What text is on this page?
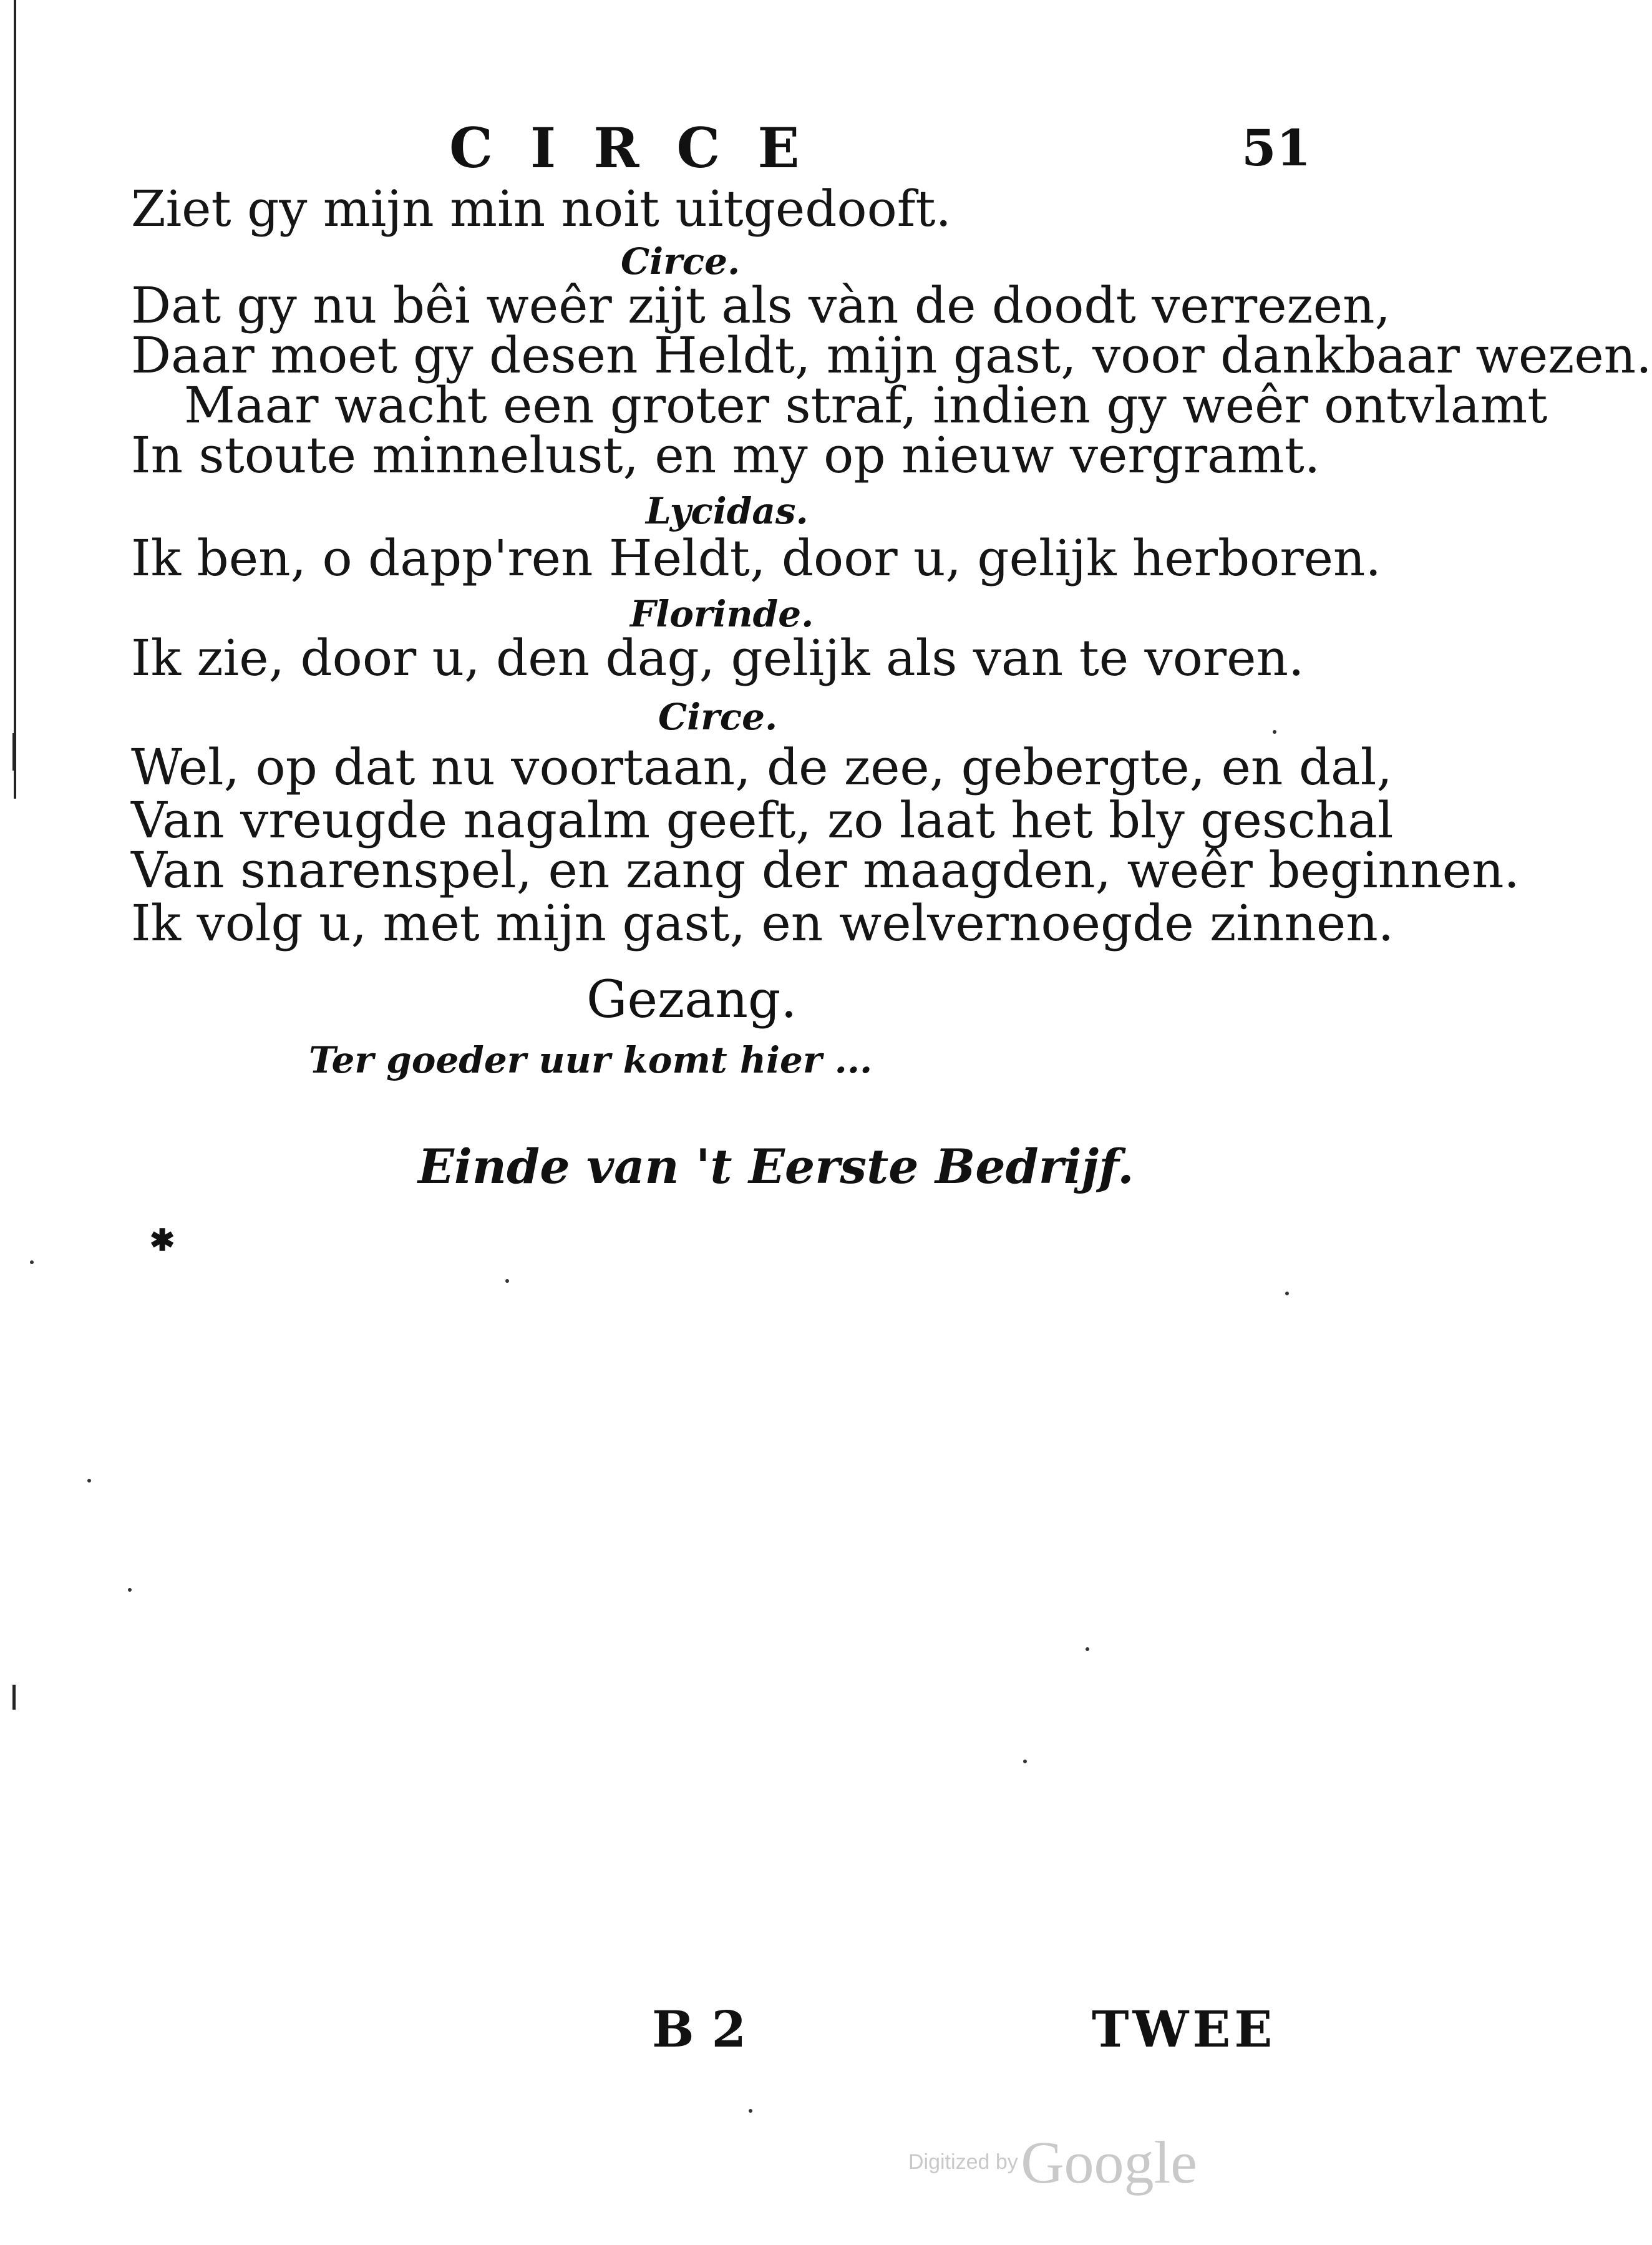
CIRCE	51
Ziet gy mijn min noit uitgedooft.
Circe.
Dat gy nu bêi weêr zijt als vàn de doodt verrezen,
Daar moet gy desen Heldt, mijn gast, voor dankbaar wezen.
Maar wacht een groter straf, indien gy weêr ontvlamt
In stoute minnelust, en my op nieuw vergramt.
Lycidas.
Ik ben, o dapp'ren Heldt, door u, gelijk herboren.
Florinde.
Ik zie, door u, den dag, gelijk als van te voren.
Circe.
Wel, op dat nu voortaan, de zee, gebergte, en dal,
Van vreugde nagalm geeft, zo laat het bly geschal
Van snarenspel, en zang der maagden, weêr beginnen.
Ik volg u, met mijn gast, en welvernoegde zinnen.
Gezang.
Ter goeder uur komt hier ...
Einde van 't Eerste Bedrijf.
✱
B 2	TWEE
Digitized by Google
